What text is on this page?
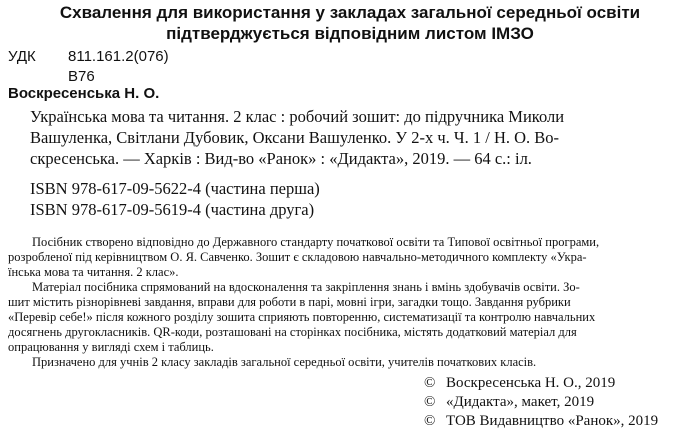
Схвалення для використання у закладах загальної середньої освіти
підтверджується відповідним листом ІМЗО
УДК 811.161.2(076)
В76
Воскресенська Н. О.
Українська мова та читання. 2 клас : робочий зошит: до підручника Миколи
Вашуленка, Світлани Дубовик, Оксани Вашуленко. У 2-х ч. Ч. 1 / Н. О. Во-
скресенська. — Харків : Вид-во «Ранок» : «Дидакта», 2019. — 64 с.: іл.
ISBN 978-617-09-5622-4 (частина перша)
ISBN 978-617-09-5619-4 (частина друга)
Посібник створено відповідно до Державного стандарту початкової освіти та Типової освітньої програми,
розробленої під керівництвом О. Я. Савченко. Зошит є складовою навчально-методичного комплекту «Укра-
їнська мова та читання. 2 клас».
Матеріал посібника спрямований на вдосконалення та закріплення знань і вмінь здобувачів освіти. Зо-
шит містить різнорівневі завдання, вправи для роботи в парі, мовні ігри, загадки тощо. Завдання рубрики
«Перевір себе!» після кожного розділу зошита сприяють повторенню, систематизації та контролю навчальних
досягнень другокласників. QR-коди, розташовані на сторінках посібника, містять додатковий матеріал для
опрацювання у вигляді схем і таблиць.
Призначено для учнів 2 класу закладів загальної середньої освіти, учителів початкових класів.
© Воскресенська Н. О., 2019
© «Дидакта», макет, 2019
© ТОВ Видавництво «Ранок», 2019
